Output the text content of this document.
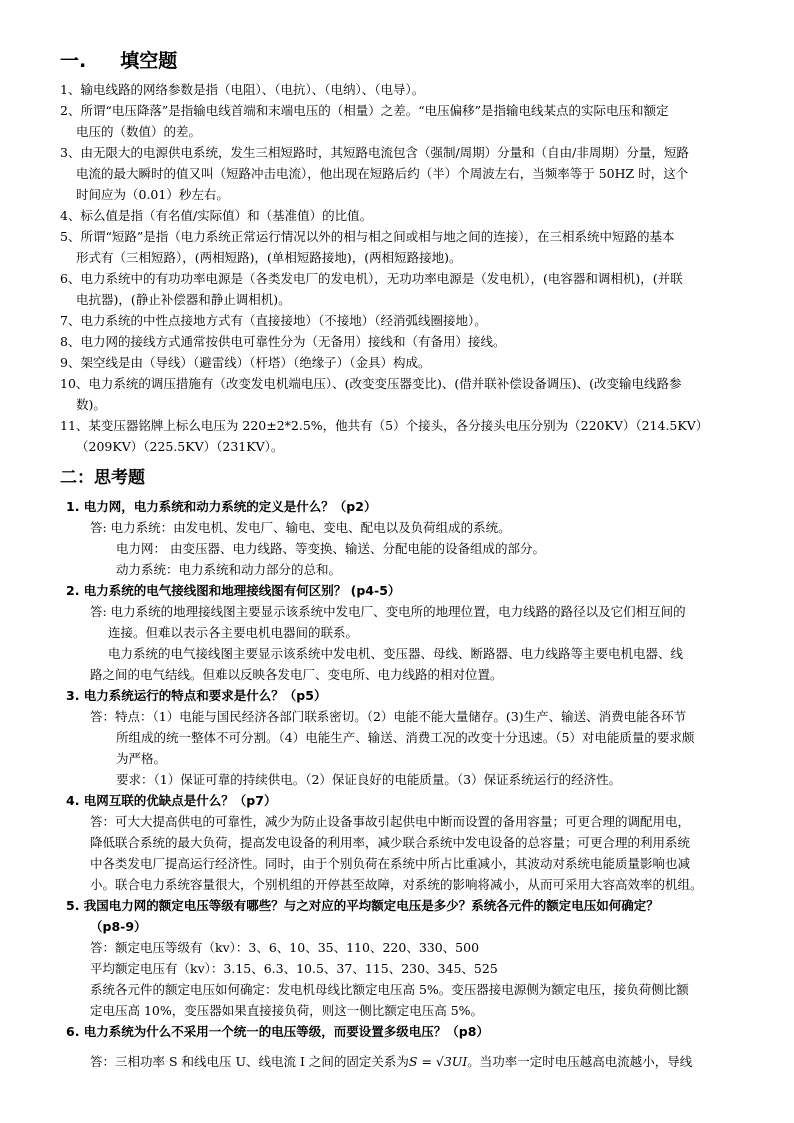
一. 填空题
1、输电线路的网络参数是指（电阻）、（电抗）、（电纳）、（电导）。
2、所谓“电压降落”是指输电线首端和末端电压的（相量）之差。“电压偏移”是指输电线某点的实际电压和额定
电压的（数值）的差。
3、由无限大的电源供电系统，发生三相短路时，其短路电流包含（强制/周期）分量和（自由/非周期）分量，短路
电流的最大瞬时的值又叫（短路冲击电流），他出现在短路后约（半）个周波左右，当频率等于 50HZ 时，这个
时间应为（0.01）秒左右。
4、标么值是指（有名值/实际值）和（基准值）的比值。
5、所谓“短路”是指（电力系统正常运行情况以外的相与相之间或相与地之间的连接），在三相系统中短路的基本
形式有（三相短路），(两相短路)，(单相短路接地)，(两相短路接地)。
6、电力系统中的有功功率电源是（各类发电厂的发电机），无功功率电源是（发电机），(电容器和调相机)，(并联
电抗器)，(静止补偿器和静止调相机)。
7、电力系统的中性点接地方式有（直接接地）（不接地）（经消弧线圈接地）。
8、电力网的接线方式通常按供电可靠性分为（无备用）接线和（有备用）接线。
9、架空线是由（导线）（避雷线）（杆塔）（绝缘子）（金具）构成。
10、电力系统的调压措施有（改变发电机端电压）、(改变变压器变比)、(借并联补偿设备调压)、(改变输电线路参
数)。
11、某变压器铭牌上标么电压为 220±2*2.5%，他共有（5）个接头，各分接头电压分别为（220KV）（214.5KV）
（209KV）（225.5KV）（231KV）。
二：思考题
1. 电力网，电力系统和动力系统的定义是什么？（p2）
答: 电力系统：由发电机、发电厂、输电、变电、配电以及负荷组成的系统。
电力网： 由变压器、电力线路、等变换、输送、分配电能的设备组成的部分。
动力系统：电力系统和动力部分的总和。
2. 电力系统的电气接线图和地理接线图有何区别？ (p4-5）
答: 电力系统的地理接线图主要显示该系统中发电厂、变电所的地理位置，电力线路的路径以及它们相互间的
连接。但难以表示各主要电机电器间的联系。
电力系统的电气接线图主要显示该系统中发电机、变压器、母线、断路器、电力线路等主要电机电器、线
路之间的电气结线。但难以反映各发电厂、变电所、电力线路的相对位置。
3. 电力系统运行的特点和要求是什么？（p5）
答：特点：（1）电能与国民经济各部门联系密切。（2）电能不能大量储存。(3)生产、输送、消费电能各环节
所组成的统一整体不可分割。（4）电能生产、输送、消费工况的改变十分迅速。（5）对电能质量的要求颇
为严格。
要求：（1）保证可靠的持续供电。（2）保证良好的电能质量。（3）保证系统运行的经济性。
4. 电网互联的优缺点是什么？（p7）
答：可大大提高供电的可靠性，减少为防止设备事故引起供电中断而设置的备用容量；可更合理的调配用电，
降低联合系统的最大负荷，提高发电设备的利用率，减少联合系统中发电设备的总容量；可更合理的利用系统
中各类发电厂提高运行经济性。同时，由于个别负荷在系统中所占比重减小，其波动对系统电能质量影响也减
小。联合电力系统容量很大，个别机组的开停甚至故障，对系统的影响将减小，从而可采用大容高效率的机组。
5. 我国电力网的额定电压等级有哪些？与之对应的平均额定电压是多少？系统各元件的额定电压如何确定？
（p8-9）
答：额定电压等级有（kv）：3、6、10、35、110、220、330、500
平均额定电压有（kv）：3.15、6.3、10.5、37、115、230、345、525
系统各元件的额定电压如何确定：发电机母线比额定电压高 5%。变压器接电源侧为额定电压，接负荷侧比额
定电压高 10%，变压器如果直接接负荷，则这一侧比额定电压高 5%。
6. 电力系统为什么不采用一个统一的电压等级，而要设置多级电压？（p8）
答：三相功率 S 和线电压 U、线电流 I 之间的固定关系为S = √3UI。当功率一定时电压越高电流越小，导线
